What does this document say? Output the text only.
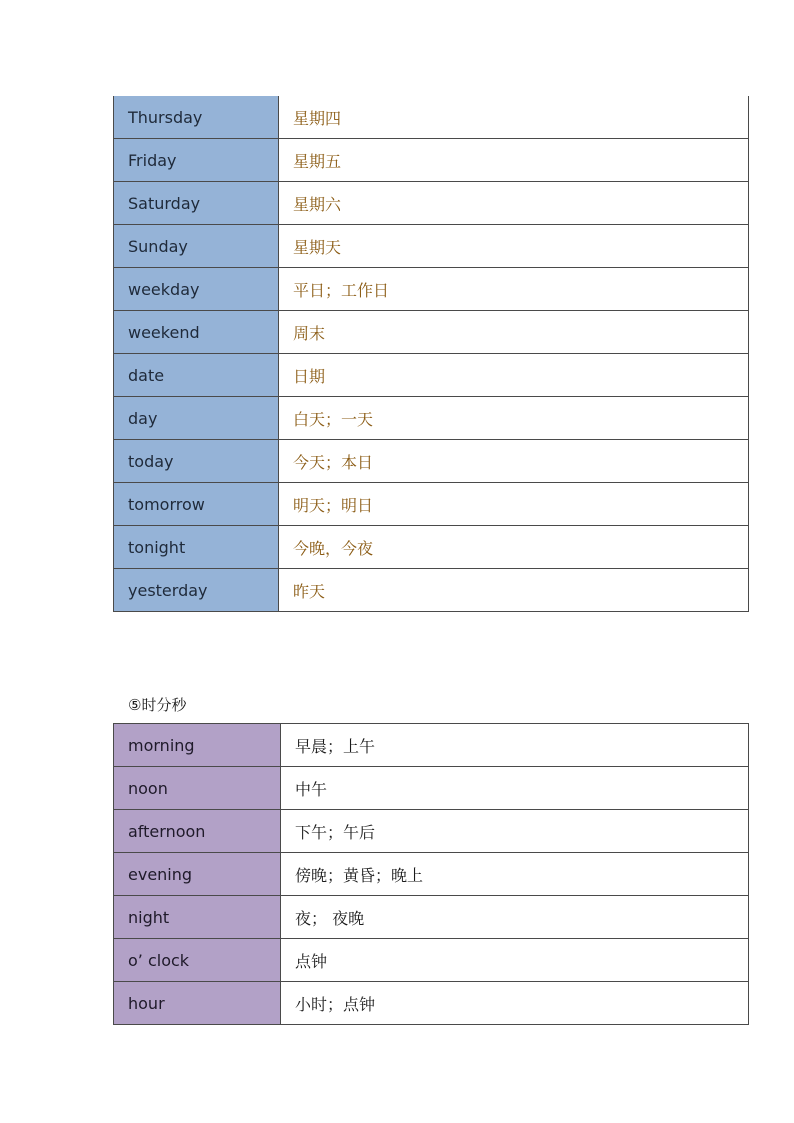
Thursday	星期四
Friday	星期五
Saturday	星期六
Sunday	星期天
weekday	平日；工作日
weekend	周末
date	日期
day	白天；一天
today	今天；本日
tomorrow	明天；明日
tonight	今晚，今夜
yesterday	昨天
⑤时分秒
morning	早晨；上午
noon	中午
afternoon	下午；午后
evening	傍晚；黄昏；晚上
night	夜； 夜晚
o’ clock	点钟
hour	小时；点钟
